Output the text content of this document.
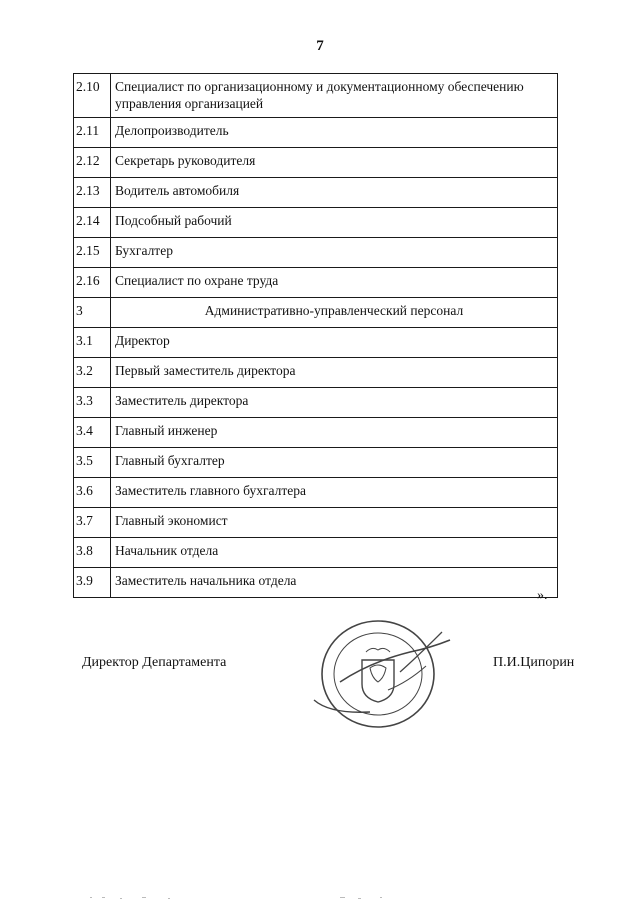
7
2.10	Специалист по организационному и документационному обеспечению управления организацией
2.11	Делопроизводитель
2.12	Секретарь руководителя
2.13	Водитель автомобиля
2.14	Подсобный рабочий
2.15	Бухгалтер
2.16	Специалист по охране труда
3	Административно-управленческий персонал
3.1	Директор
3.2	Первый заместитель директора
3.3	Заместитель директора
3.4	Главный инженер
3.5	Главный бухгалтер
3.6	Заместитель главного бухгалтера
3.7	Главный экономист
3.8	Начальник отдела
3.9	Заместитель начальника отдела
».
Директор Департамента	П.И.Ципорин
